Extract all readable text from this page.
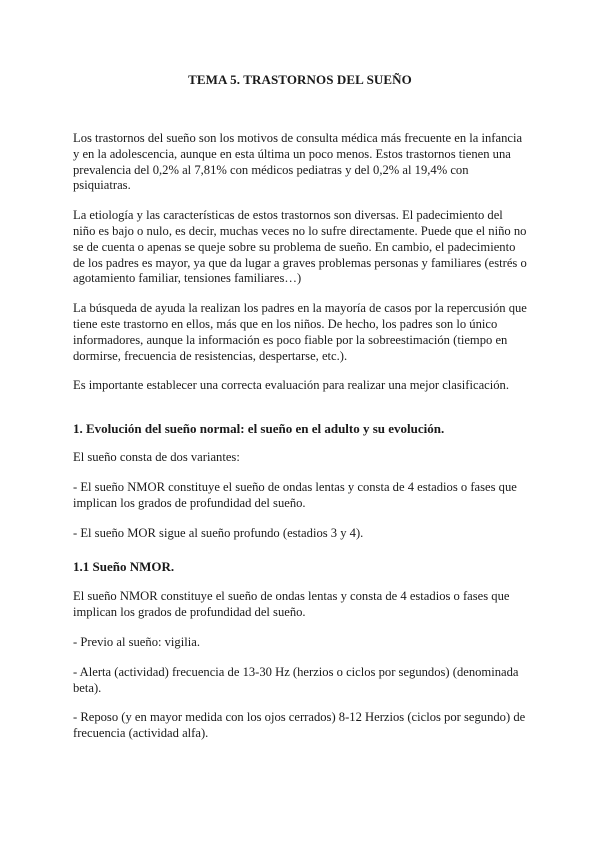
TEMA 5. TRASTORNOS DEL SUEÑO

Los trastornos del sueño son los motivos de consulta médica más frecuente en la infancia y en la adolescencia, aunque en esta última un poco menos. Estos trastornos tienen una prevalencia del 0,2% al 7,81% con médicos pediatras y del 0,2% al 19,4% con psiquiatras.

La etiología y las características de estos trastornos son diversas. El padecimiento del niño es bajo o nulo, es decir, muchas veces no lo sufre directamente. Puede que el niño no se de cuenta o apenas se queje sobre su problema de sueño. En cambio, el padecimiento de los padres es mayor, ya que da lugar a graves problemas personas y familiares (estrés o agotamiento familiar, tensiones familiares…)

La búsqueda de ayuda la realizan los padres en la mayoría de casos por la repercusión que tiene este trastorno en ellos, más que en los niños. De hecho, los padres son lo único informadores, aunque la información es poco fiable por la sobreestimación (tiempo en dormirse, frecuencia de resistencias, despertarse, etc.).

Es importante establecer una correcta evaluación para realizar una mejor clasificación.

1. Evolución del sueño normal: el sueño en el adulto y su evolución.

El sueño consta de dos variantes:

- El sueño NMOR constituye el sueño de ondas lentas y consta de 4 estadios o fases que implican los grados de profundidad del sueño.

- El sueño MOR sigue al sueño profundo (estadios 3 y 4).

1.1 Sueño NMOR.

El sueño NMOR constituye el sueño de ondas lentas y consta de 4 estadios o fases que implican los grados de profundidad del sueño.

- Previo al sueño: vigilia.

- Alerta (actividad) frecuencia de 13-30 Hz (herzios o ciclos por segundos) (denominada beta).

- Reposo (y en mayor medida con los ojos cerrados) 8-12 Herzios (ciclos por segundo) de frecuencia (actividad alfa).
